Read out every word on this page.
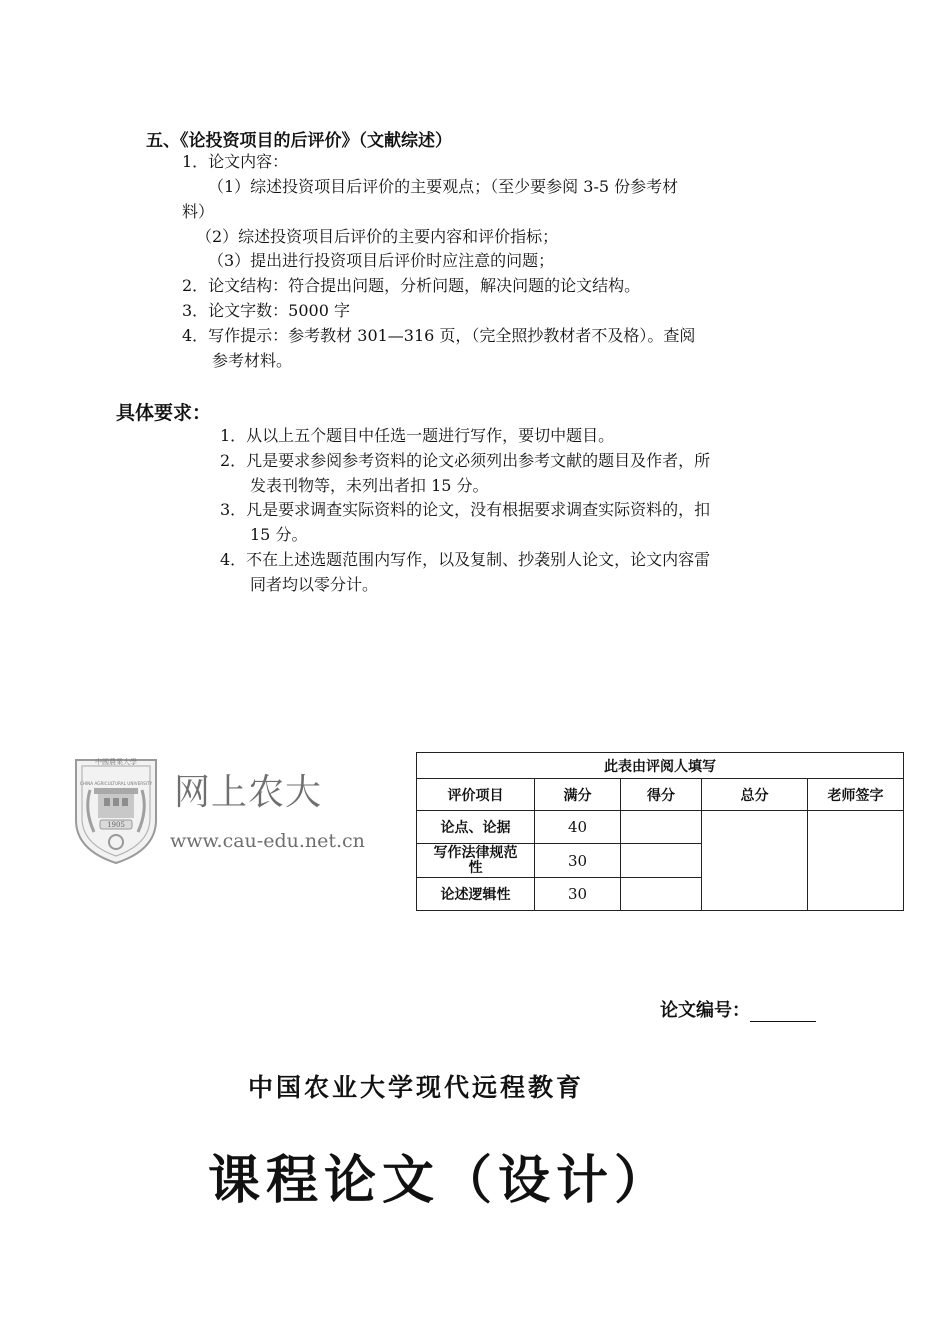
五、《论投资项目的后评价》（文献综述）
1．论文内容：
（1）综述投资项目后评价的主要观点；（至少要参阅 3-5 份参考材
料）
（2）综述投资项目后评价的主要内容和评价指标；
（3）提出进行投资项目后评价时应注意的问题；
2．论文结构：符合提出问题，分析问题，解决问题的论文结构。
3．论文字数：5000 字
4．写作提示：参考教材 301—316 页，（完全照抄教材者不及格）。查阅
参考材料。
具体要求：
1．从以上五个题目中任选一题进行写作，要切中题目。
2．凡是要求参阅参考资料的论文必须列出参考文献的题目及作者，所
发表刊物等，未列出者扣 15 分。
3．凡是要求调查实际资料的论文，没有根据要求调查实际资料的，扣
15 分。
4．不在上述选题范围内写作，以及复制、抄袭别人论文，论文内容雷
同者均以零分计。
中國農業大學
CHINA AGRICULTURAL UNIVERSITY
1905
网上农大
www.cau-edu.net.cn
此表由评阅人填写				
评价项目	满分	得分	总分	老师签字
论点、论据	40			

写作法律规范
性	30			
论述逻辑性	30			
论文编号：
中国农业大学现代远程教育
课程论文（设计）
